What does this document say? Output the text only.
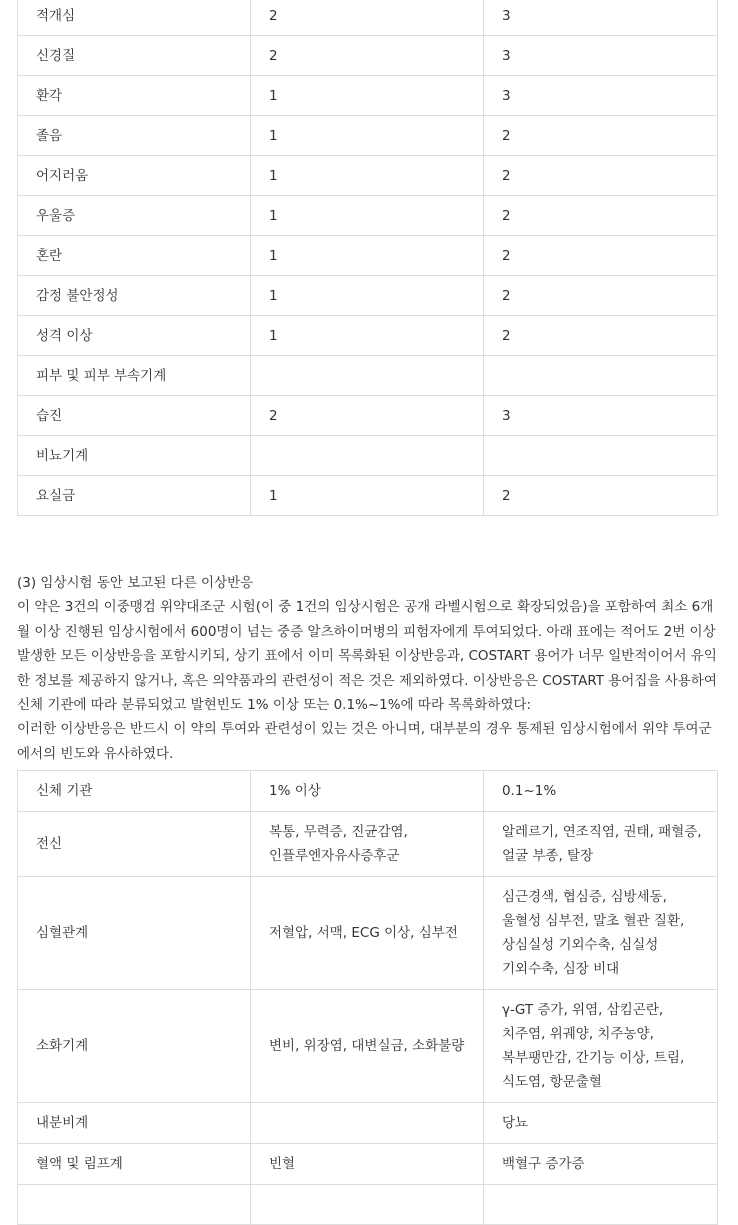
적개심	2	3
신경질	2	3
환각	1	3
졸음	1	2
어지러움	1	2
우울증	1	2
혼란	1	2
감정 불안정성	1	2
성격 이상	1	2
피부 및 피부 부속기계		
습진	2	3
비뇨기계		
요실금	1	2

(3) 임상시험 동안 보고된 다른 이상반응

이 약은 3건의 이중맹검 위약대조군 시험(이 중 1건의 임상시험은 공개 라벨시험으로 확장되었음)을 포함하여 최소 6개월 이상 진행된 임상시험에서 600명이 넘는 중증 알츠하이머병의 피험자에게 투여되었다. 아래 표에는 적어도 2번 이상 발생한 모든 이상반응을 포함시키되, 상기 표에서 이미 목록화된 이상반응과, COSTART 용어가 너무 일반적이어서 유익한 정보를 제공하지 않거나, 혹은 의약품과의 관련성이 적은 것은 제외하였다. 이상반응은 COSTART 용어집을 사용하여 신체 기관에 따라 분류되었고 발현빈도 1% 이상 또는 0.1%~1%에 따라 목록화하였다:

이러한 이상반응은 반드시 이 약의 투여와 관련성이 있는 것은 아니며, 대부분의 경우 통제된 임상시험에서 위약 투여군에서의 빈도와 유사하였다.

신체 기관	1% 이상	0.1~1%
전신	복통, 무력증, 진균감염, 인플루엔자유사증후군	알레르기, 연조직염, 권태, 패혈증, 얼굴 부종, 탈장
심혈관계	저혈압, 서맥, ECG 이상, 심부전	심근경색, 협심증, 심방세동, 울혈성 심부전, 말초 혈관 질환, 상심실성 기외수축, 심실성 기외수축, 심장 비대
소화기계	변비, 위장염, 대변실금, 소화불량	γ-GT 증가, 위염, 삼킴곤란, 치주염, 위궤양, 치주농양, 복부팽만감, 간기능 이상, 트림, 식도염, 항문출혈
내분비계		당뇨
혈액 및 림프계	빈혈	백혈구 증가증
